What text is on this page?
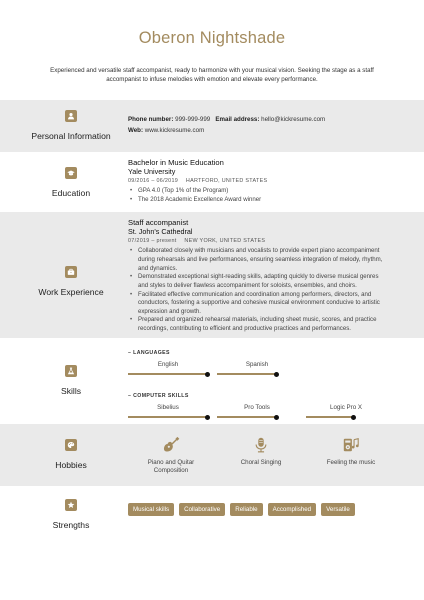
Oberon Nightshade
Experienced and versatile staff accompanist, ready to harmonize with your musical vision. Seeking the stage as a staff accompanist to infuse melodies with emotion and elevate every performance.
Personal Information
Phone number: 999-999-999 Email address: hello@kickresume.com
Web: www.kickresume.com
Education
Bachelor in Music Education
Yale University
09/2016 – 06/2019 HARTFORD, UNITED STATES
• GPA 4.0 (Top 1% of the Program)
• The 2018 Academic Excellence Award winner
Work Experience
Staff accompanist
St. John's Cathedral
07/2019 – present NEW YORK, UNITED STATES
• Collaborated closely with musicians and vocalists to provide expert piano accompaniment during rehearsals and live performances, ensuring seamless integration of melody, rhythm, and dynamics.
• Demonstrated exceptional sight-reading skills, adapting quickly to diverse musical genres and styles to deliver flawless accompaniment for soloists, ensembles, and choirs.
• Facilitated effective communication and coordination among performers, directors, and conductors, fostering a supportive and cohesive musical environment conducive to artistic expression and growth.
• Prepared and organized rehearsal materials, including sheet music, scores, and practice recordings, contributing to efficient and productive practices and performances.
Skills
– LANGUAGES
English	Spanish
– COMPUTER SKILLS
Sibelius	Pro Tools	Logic Pro X
Hobbies	Piano and Quitar Composition
Choral Singing	Feeling the music
Strengths
Musical skills Collaborative Reliable Accomplished Versatile
